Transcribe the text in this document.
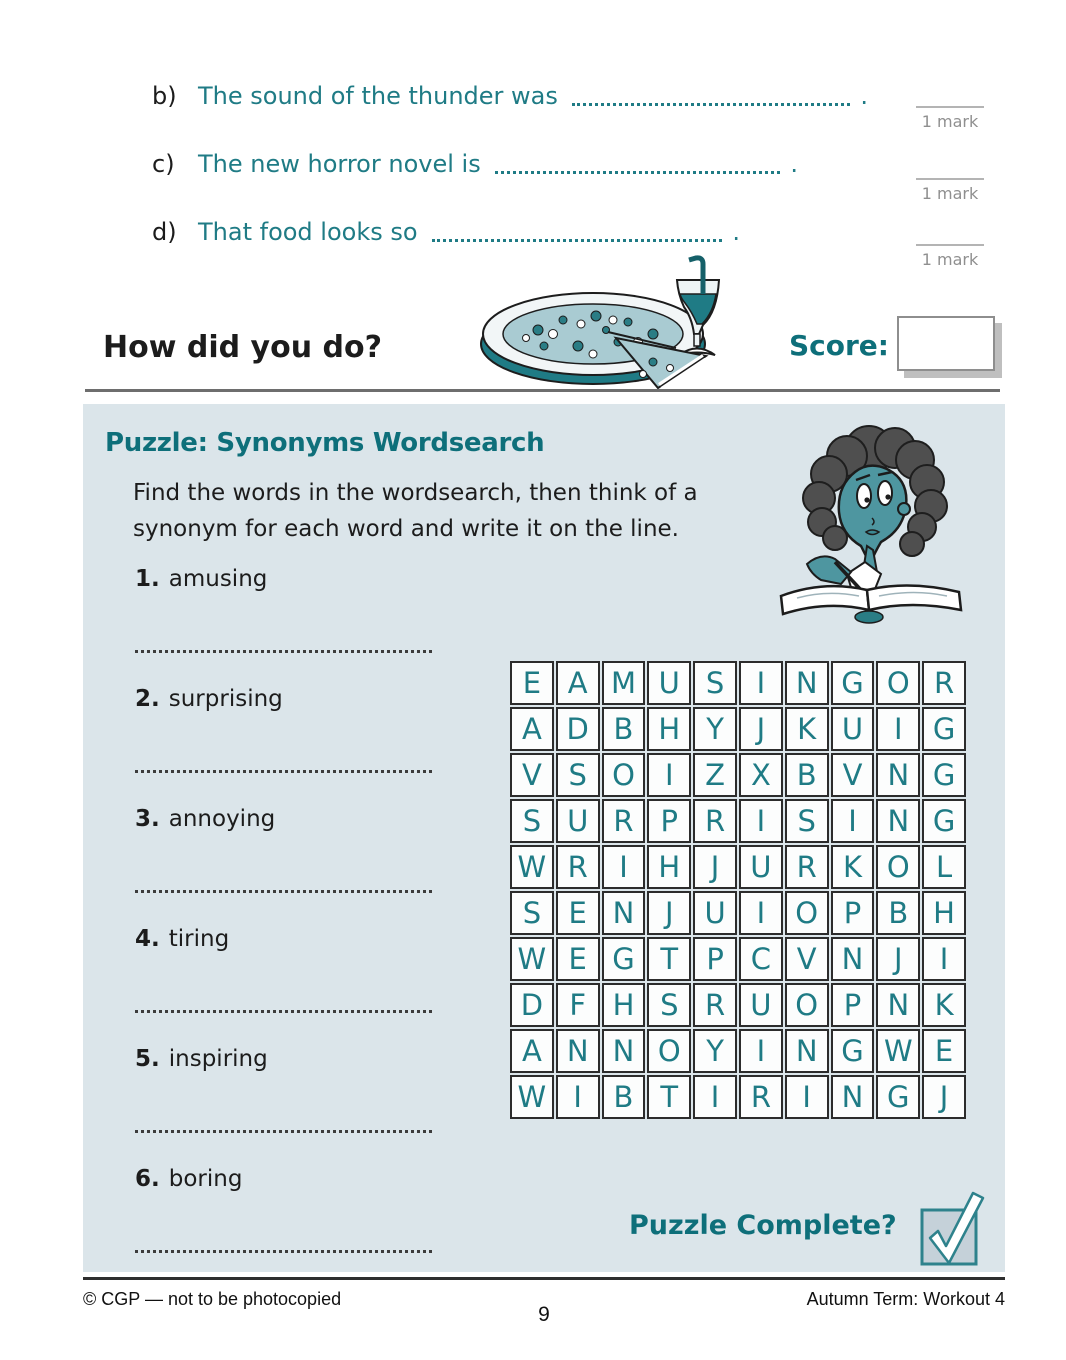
b) The sound of the thunder was	.
c) The new horror novel is	.
d) That food looks so	.
1 mark
1 mark
1 mark
How did you do?	Score:
Puzzle: Synonyms Wordsearch
Find the words in the wordsearch, then think of a
synonym for each word and write it on the line.
1. amusing
2. surprising
3. annoying
4. tiring
5. inspiring
6. boring
E A M U S	I	N G O R
A D B H Y	J	K U	I	G
V S O	I	Z X B V N G
S U R P R	I	S	I	N G
W R	I	H	J	U R K O L
S E N	J	U	I	O P B H
W E G T P C V N	J	I
D F H S R U O P N K
A N N O Y	I	N G W E
W I	B T	I	R	I	N G	J
Puzzle Complete?
© CGP — not to be photocopied	Autumn Term: Workout 4
9
